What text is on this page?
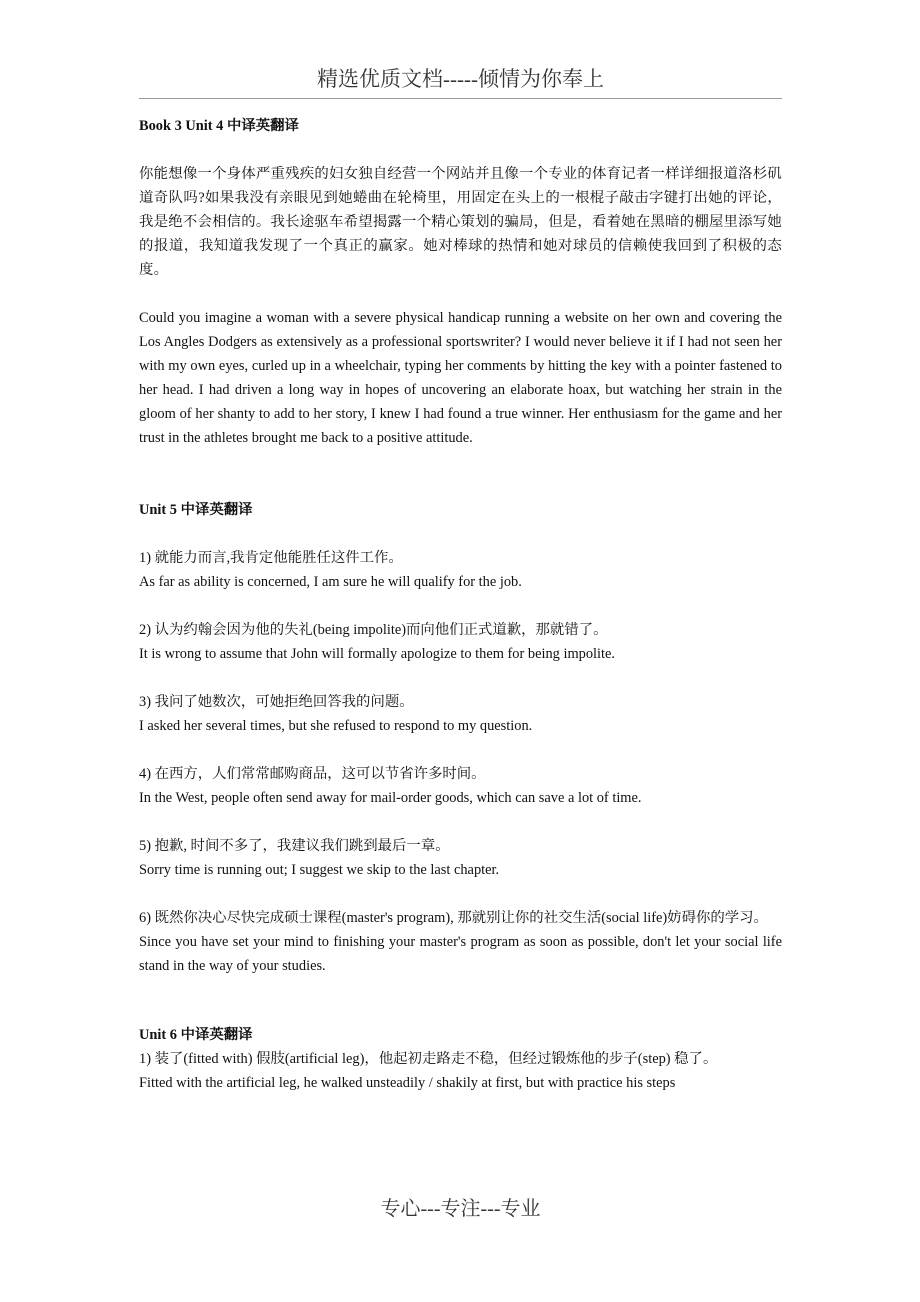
精选优质文档-----倾情为你奉上

Book 3 Unit 4 中译英翻译

你能想像一个身体严重残疾的妇女独自经营一个网站并且像一个专业的体育记者一样详细报道洛杉矶道奇队吗?如果我没有亲眼见到她蜷曲在轮椅里，用固定在头上的一根棍子敲击字键打出她的评论，我是绝不会相信的。我长途驱车希望揭露一个精心策划的骗局，但是，看着她在黑暗的棚屋里添写她的报道，我知道我发现了一个真正的赢家。她对棒球的热情和她对球员的信赖使我回到了积极的态度。

Could you imagine a woman with a severe physical handicap running a website on her own and covering the Los Angles Dodgers as extensively as a professional sportswriter? I would never believe it if I had not seen her with my own eyes, curled up in a wheelchair, typing her comments by hitting the key with a pointer fastened to her head. I had driven a long way in hopes of uncovering an elaborate hoax, but watching her strain in the gloom of her shanty to add to her story, I knew I had found a true winner. Her enthusiasm for the game and her trust in the athletes brought me back to a positive attitude.

Unit 5 中译英翻译

1) 就能力而言,我肯定他能胜任这件工作。

As far as ability is concerned, I am sure he will qualify for the job.

2) 认为约翰会因为他的失礼(being impolite)而向他们正式道歉，那就错了。

It is wrong to assume that John will formally apologize to them for being impolite.

3) 我问了她数次，可她拒绝回答我的问题。

I asked her several times, but she refused to respond to my question.

4) 在西方，人们常常邮购商品，这可以节省许多时间。

In the West, people often send away for mail-order goods, which can save a lot of time.

5) 抱歉, 时间不多了，我建议我们跳到最后一章。

Sorry time is running out; I suggest we skip to the last chapter.

6) 既然你决心尽快完成硕士课程(master's program), 那就别让你的社交生活(social life)妨碍你的学习。

Since you have set your mind to finishing your master's program as soon as possible, don't let your social life stand in the way of your studies.

Unit 6 中译英翻译

1) 装了(fitted with) 假肢(artificial leg)，他起初走路走不稳，但经过锻炼他的步子(step) 稳了。

Fitted with the artificial leg, he walked unsteadily / shakily at first, but with practice his steps

专心---专注---专业
